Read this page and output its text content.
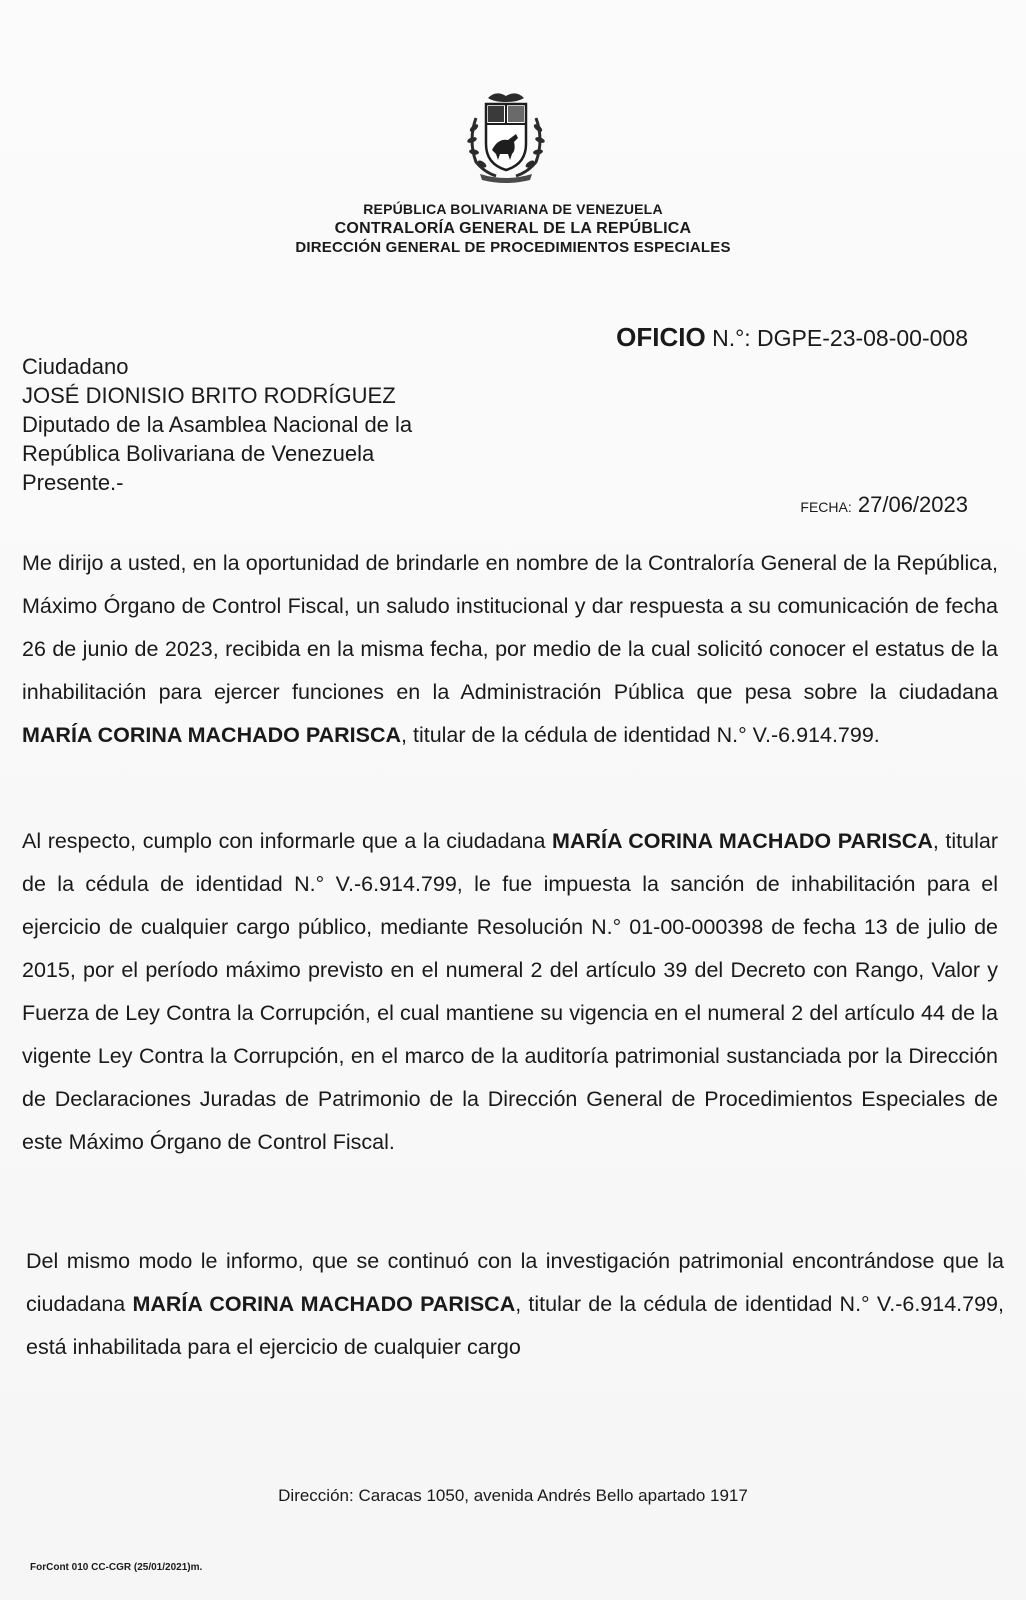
REPÚBLICA BOLIVARIANA DE VENEZUELA
CONTRALORÍA GENERAL DE LA REPÚBLICA
DIRECCIÓN GENERAL DE PROCEDIMIENTOS ESPECIALES
OFICIO N.°: DGPE-23-08-00-008
Ciudadano
JOSÉ DIONISIO BRITO RODRÍGUEZ
Diputado de la Asamblea Nacional de la
República Bolivariana de Venezuela
Presente.-
FECHA: 27/06/2023
Me dirijo a usted, en la oportunidad de brindarle en nombre de la Contraloría General de la República, Máximo Órgano de Control Fiscal, un saludo institucional y dar respuesta a su comunicación de fecha 26 de junio de 2023, recibida en la misma fecha, por medio de la cual solicitó conocer el estatus de la inhabilitación para ejercer funciones en la Administración Pública que pesa sobre la ciudadana MARÍA CORINA MACHADO PARISCA, titular de la cédula de identidad N.° V.-6.914.799.
Al respecto, cumplo con informarle que a la ciudadana MARÍA CORINA MACHADO PARISCA, titular de la cédula de identidad N.° V.-6.914.799, le fue impuesta la sanción de inhabilitación para el ejercicio de cualquier cargo público, mediante Resolución N.° 01-00-000398 de fecha 13 de julio de 2015, por el período máximo previsto en el numeral 2 del artículo 39 del Decreto con Rango, Valor y Fuerza de Ley Contra la Corrupción, el cual mantiene su vigencia en el numeral 2 del artículo 44 de la vigente Ley Contra la Corrupción, en el marco de la auditoría patrimonial sustanciada por la Dirección de Declaraciones Juradas de Patrimonio de la Dirección General de Procedimientos Especiales de este Máximo Órgano de Control Fiscal.
Del mismo modo le informo, que se continuó con la investigación patrimonial encontrándose que la ciudadana MARÍA CORINA MACHADO PARISCA, titular de la cédula de identidad N.° V.-6.914.799, está inhabilitada para el ejercicio de cualquier cargo
Dirección: Caracas 1050, avenida Andrés Bello apartado 1917
ForCont 010 CC-CGR (25/01/2021)m.
